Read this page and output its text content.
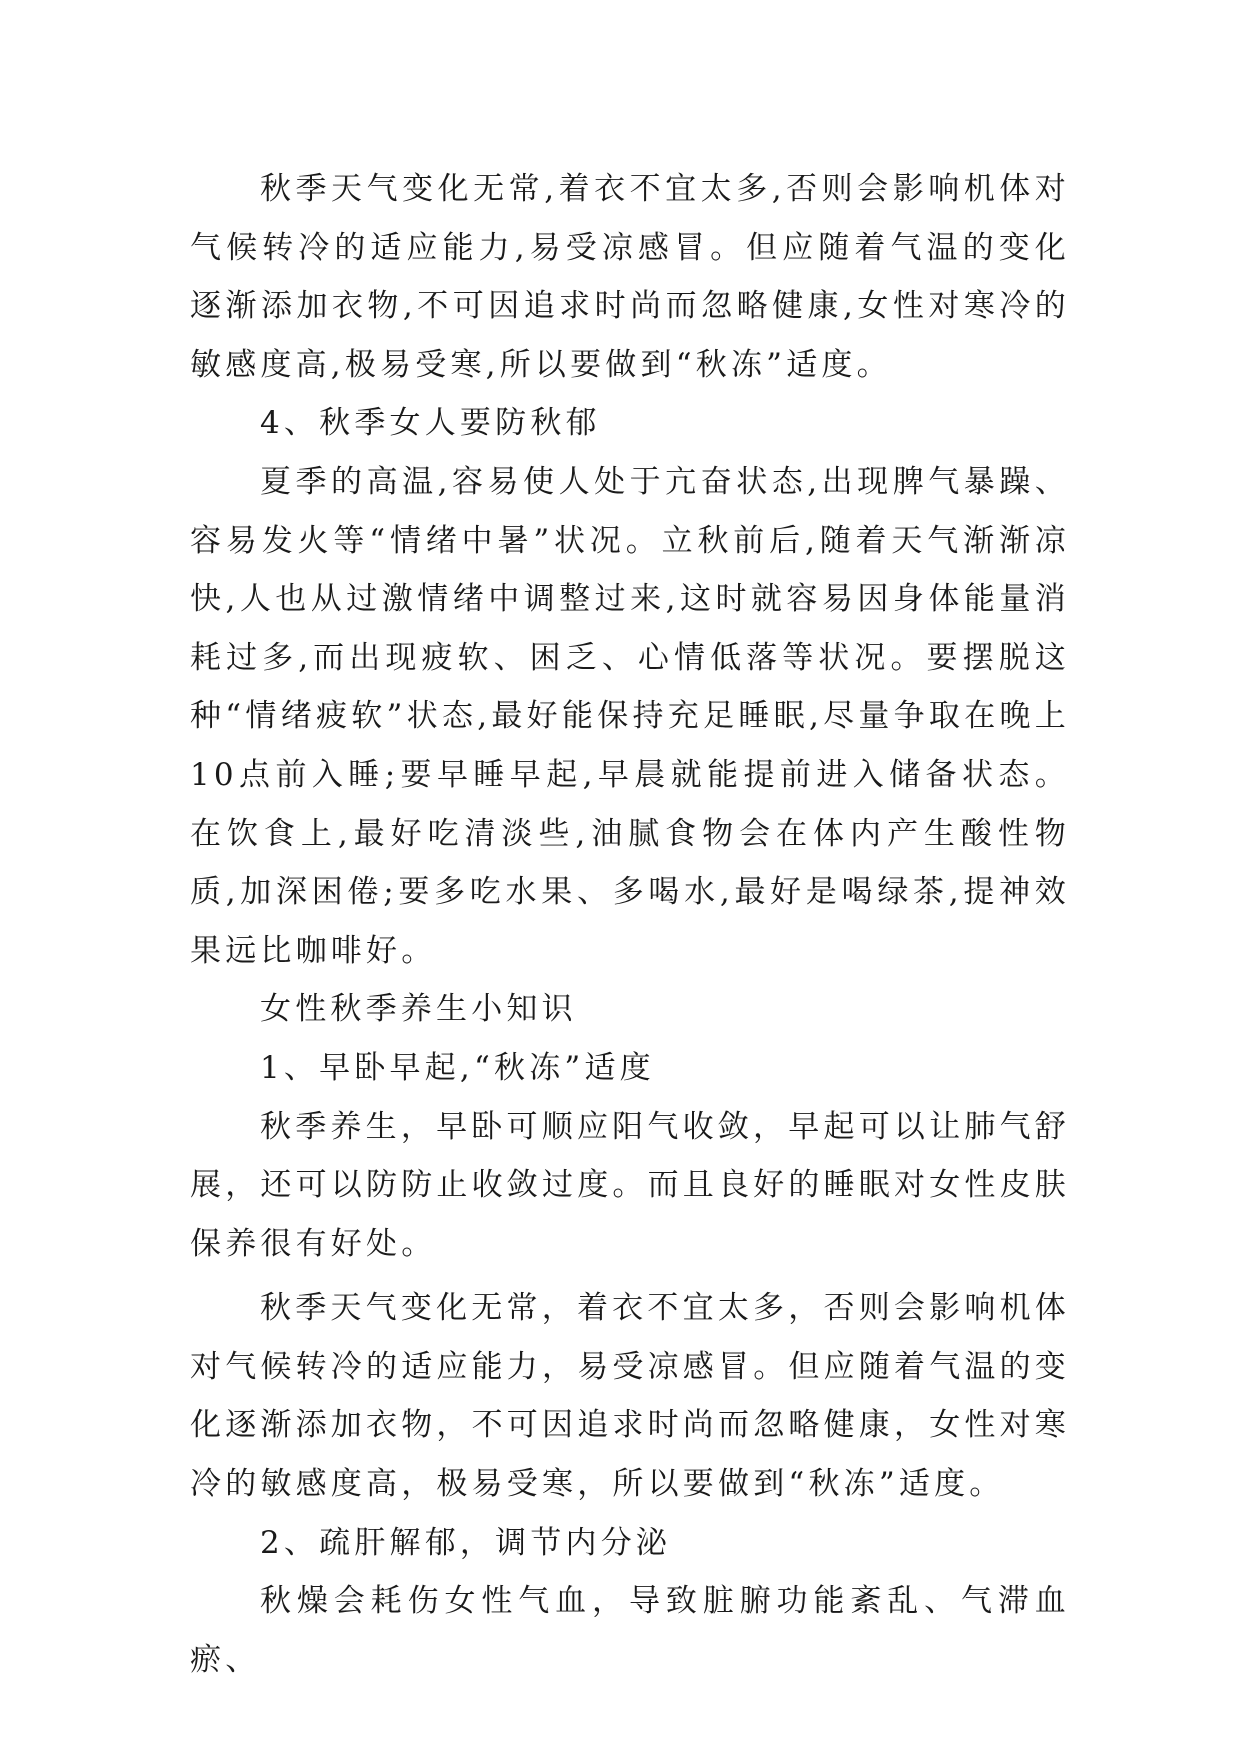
秋季天气变化无常,着衣不宜太多,否则会影响机体对气候转冷的适应能力,易受凉感冒。但应随着气温的变化逐渐添加衣物,不可因追求时尚而忽略健康,女性对寒冷的敏感度高,极易受寒,所以要做到“秋冻”适度。

4、秋季女人要防秋郁

夏季的高温,容易使人处于亢奋状态,出现脾气暴躁、容易发火等“情绪中暑”状况。立秋前后,随着天气渐渐凉快,人也从过激情绪中调整过来,这时就容易因身体能量消耗过多,而出现疲软、困乏、心情低落等状况。要摆脱这种“情绪疲软”状态,最好能保持充足睡眠,尽量争取在晚上10点前入睡;要早睡早起,早晨就能提前进入储备状态。在饮食上,最好吃清淡些,油腻食物会在体内产生酸性物质,加深困倦;要多吃水果、多喝水,最好是喝绿茶,提神效果远比咖啡好。

女性秋季养生小知识

1、早卧早起,“秋冻”适度

秋季养生，早卧可顺应阳气收敛，早起可以让肺气舒展，还可以防防止收敛过度。而且良好的睡眠对女性皮肤保养很有好处。

秋季天气变化无常，着衣不宜太多，否则会影响机体对气候转冷的适应能力，易受凉感冒。但应随着气温的变化逐渐添加衣物，不可因追求时尚而忽略健康，女性对寒冷的敏感度高，极易受寒，所以要做到“秋冻”适度。

2、疏肝解郁，调节内分泌

秋燥会耗伤女性气血，导致脏腑功能紊乱、气滞血瘀、
